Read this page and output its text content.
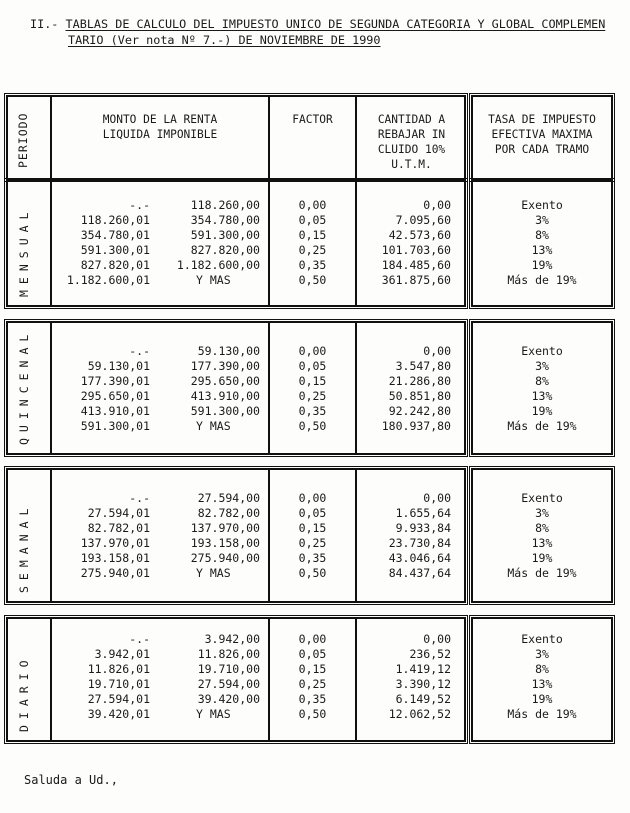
II.- TABLAS DE CALCULO DEL IMPUESTO UNICO DE SEGUNDA CATEGORIA Y GLOBAL COMPLEMEN
TARIO (Ver nota Nº 7.-) DE NOVIEMBRE DE 1990
PERIODO	MONTO DE LA RENTA
LIQUIDA IMPONIBLE
FACTOR	CANTIDAD A
REBAJAR IN
CLUIDO 10%
U.T.M.
TASA DE IMPUESTO
EFECTIVA MAXIMA
POR CADA TRAMO
MENSUAL
-.-	118.260,00	0,00	0,00	Exento
118.260,01	354.780,00	0,05	7.095,60	3%
354.780,01	591.300,00	0,15	42.573,60	8%
591.300,01	827.820,00	0,25	101.703,60	13%
827.820,01	1.182.600,00	0,35	184.485,60	19%
1.182.600,01	Y MAS	0,50	361.875,60	Más de 19%
QUINCENAL	-.-	59.130,00	0,00	0,00	Exento
59.130,01	177.390,00	0,05	3.547,80	3%
177.390,01	295.650,00	0,15	21.286,80	8%
295.650,01	413.910,00	0,25	50.851,80	13%
413.910,01	591.300,00	0,35	92.242,80	19%
591.300,01	Y MAS	0,50	180.937,80	Más de 19%
SEMANAL
-.-	27.594,00	0,00	0,00	Exento
27.594,01	82.782,00	0,05	1.655,64	3%
82.782,01	137.970,00	0,15	9.933,84	8%
137.970,01	193.158,00	0,25	23.730,84	13%
193.158,01	275.940,00	0,35	43.046,64	19%
275.940,01	Y MAS	0,50	84.437,64	Más de 19%
DIARIO
-.-	3.942,00	0,00	0,00	Exento
3.942,01	11.826,00	0,05	236,52	3%
11.826,01	19.710,00	0,15	1.419,12	8%
19.710,01	27.594,00	0,25	3.390,12	13%
27.594,01	39.420,00	0,35	6.149,52	19%
39.420,01	Y MAS	0,50	12.062,52	Más de 19%
Saluda a Ud.,
